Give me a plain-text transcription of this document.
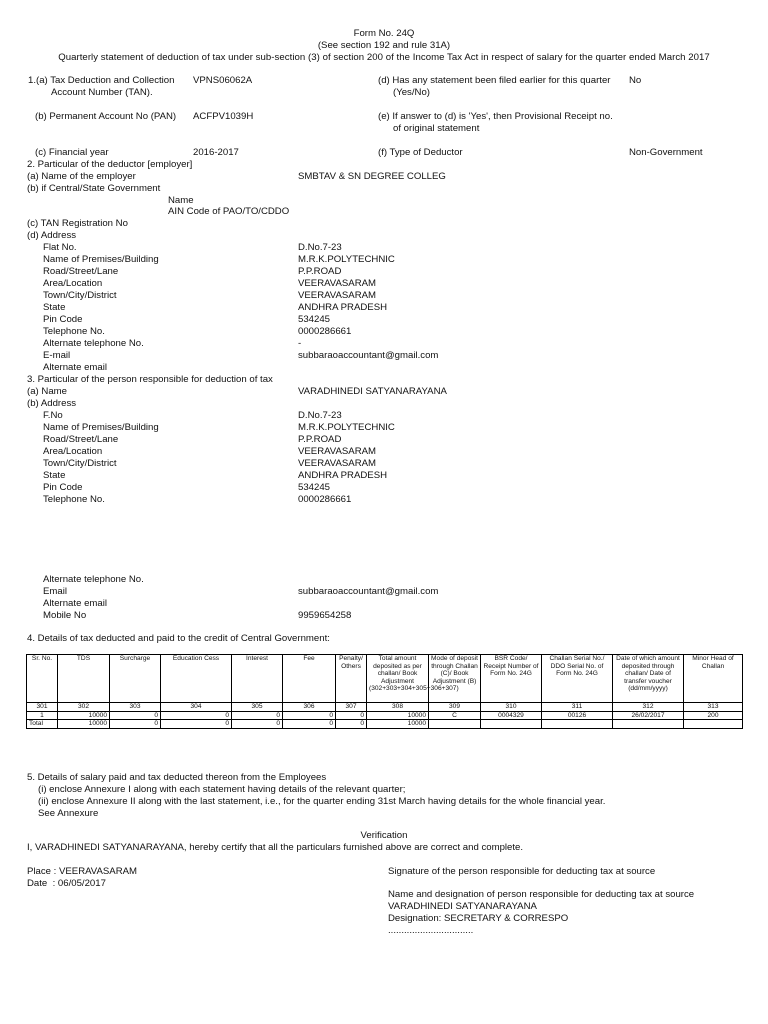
Form No. 24Q
(See section 192 and rule 31A)
Quarterly statement of deduction of tax under sub-section (3) of section 200 of the Income Tax Act in respect of salary for the quarter ended March 2017
1.(a) Tax Deduction and Collection
Account Number (TAN).
VPNS06062A
(b) Permanent Account No (PAN) ACFPV1039H
(c) Financial year	2016-2017
(d) Has any statement been filed earlier for this quarter No
(Yes/No)
(e) If answer to (d) is 'Yes', then Provisional Receipt no.
of original statement
(f) Type of Deductor	Non-Government
2. Particular of the deductor [employer]
(a) Name of the employer	SMBTAV & SN DEGREE COLLEG
(b) if Central/State Government
Name
AIN Code of PAO/TO/CDDO
(c) TAN Registration No
(d) Address
Flat No.	D.No.7-23
Name of Premises/Building	M.R.K.POLYTECHNIC
Road/Street/Lane	P.P.ROAD
Area/Location	VEERAVASARAM
Town/City/District	VEERAVASARAM
State	ANDHRA PRADESH
Pin Code	534245
Telephone No.	0000286661
Alternate telephone No.	-
E-mail	subbaraoaccountant@gmail.com
Alternate email
3. Particular of the person responsible for deduction of tax
(a) Name	VARADHINEDI SATYANARAYANA
(b) Address
F.No	D.No.7-23
Name of Premises/Building	M.R.K.POLYTECHNIC
Road/Street/Lane	P.P.ROAD
Area/Location	VEERAVASARAM
Town/City/District	VEERAVASARAM
State	ANDHRA PRADESH
Pin Code	534245
Telephone No.	0000286661
Alternate telephone No.
Email	subbaraoaccountant@gmail.com
Alternate email
Mobile No	9959654258
4. Details of tax deducted and paid to the credit of Central Government:
Sr. No.	TDS	Surcharge	Education Cess	Interest	Fee	Penalty/ Others	Total amount deposited as per challan/ Book Adjustment (302+303+304+305+306+307)	Mode of deposit through Challan (C)/ Book Adjustment (B)	BSR Code/ Receipt Number of Form No. 24G	Challan Serial No./ DDO Serial No. of Form No. 24G	Date of which amount deposited through challan/ Date of transfer voucher (dd/mm/yyyy)	Minor Head of Challan
301	302	303	304	305	306	307	308	309	310	311	312	313
1	10000	0	0	0	0	0	10000	C	0004329	00126	26/02/2017	200
Total	10000	0	0	0	0	0	10000					
5. Details of salary paid and tax deducted thereon from the Employees
(i) enclose Annexure I along with each statement having details of the relevant quarter;
(ii) enclose Annexure II along with the last statement, i.e., for the quarter ending 31st March having details for the whole financial year.
See Annexure
Verification
I, VARADHINEDI SATYANARAYANA, hereby certify that all the particulars furnished above are correct and complete.
Place : VEERAVASARAM
Date  : 06/05/2017
Signature of the person responsible for deducting tax at source
Name and designation of person responsible for deducting tax at source
VARADHINEDI SATYANARAYANA
Designation: SECRETARY & CORRESPO
................................
